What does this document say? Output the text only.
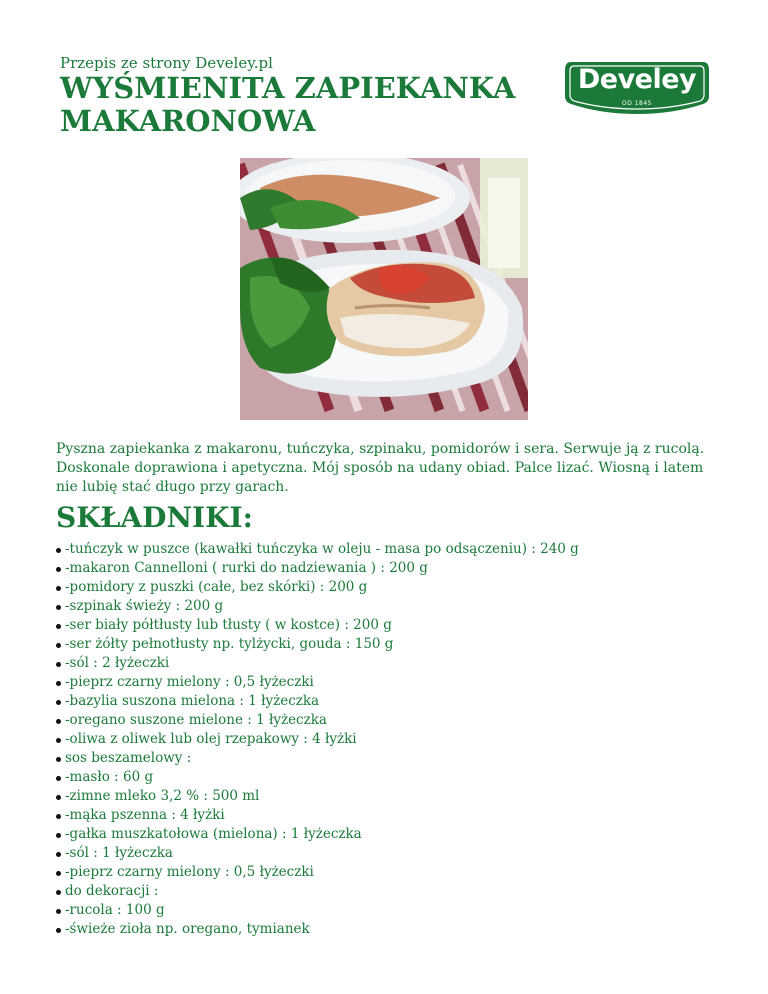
Przepis ze strony Develey.pl
WYŚMIENITA ZAPIEKANKA MAKARONOWA
Develey
OD 1845

Pyszna zapiekanka z makaronu, tuńczyka, szpinaku, pomidorów i sera. Serwuje ją z rucolą. Doskonale doprawiona i apetyczna. Mój sposób na udany obiad. Palce lizać. Wiosną i latem nie lubię stać długo przy garach.

SKŁADNIKI:
-tuńczyk w puszce (kawałki tuńczyka w oleju - masa po odsączeniu) : 240 g
-makaron Cannelloni ( rurki do nadziewania ) : 200 g
-pomidory z puszki (całe, bez skórki) : 200 g
-szpinak świeży : 200 g
-ser biały półtłusty lub tłusty ( w kostce) : 200 g
-ser żółty pełnotłusty np. tylżycki, gouda : 150 g
-sól : 2 łyżeczki
-pieprz czarny mielony : 0,5 łyżeczki
-bazylia suszona mielona : 1 łyżeczka
-oregano suszone mielone : 1 łyżeczka
-oliwa z oliwek lub olej rzepakowy : 4 łyżki
sos beszamelowy :
-masło : 60 g
-zimne mleko 3,2 % : 500 ml
-mąka pszenna : 4 łyżki
-gałka muszkatołowa (mielona) : 1 łyżeczka
-sól : 1 łyżeczka
-pieprz czarny mielony : 0,5 łyżeczki
do dekoracji :
-rucola : 100 g
-świeże zioła np. oregano, tymianek
